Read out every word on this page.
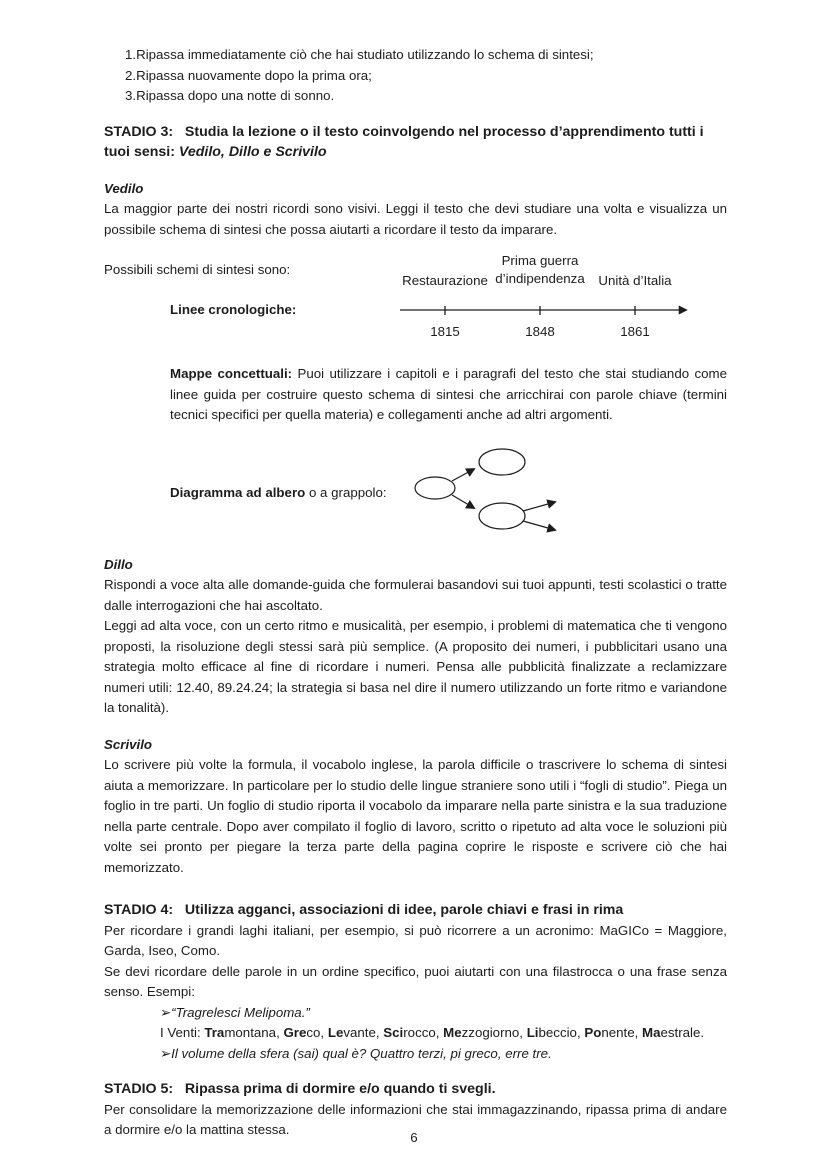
1.Ripassa immediatamente ciò che hai studiato utilizzando lo schema di sintesi;
2.Ripassa nuovamente dopo la prima ora;
3.Ripassa dopo una notte di sonno.
STADIO 3:   Studia la lezione o il testo coinvolgendo nel processo d’apprendimento tutti i tuoi sensi: Vedilo, Dillo e Scrivilo
Vedilo
La maggior parte dei nostri ricordi sono visivi. Leggi il testo che devi studiare una volta e visualizza un possibile schema di sintesi che possa aiutarti a ricordare il testo da imparare.
Possibili schemi di sintesi sono:
Linee cronologiche:
Restaurazione
Prima guerra d’indipendenza	Unità d’Italia
1815	1848	1861
Mappe concettuali: Puoi utilizzare i capitoli e i paragrafi del testo che stai studiando come linee guida per costruire questo schema di sintesi che arricchirai con parole chiave (termini tecnici specifici per quella materia) e collegamenti anche ad altri argomenti.
Diagramma ad albero o a grappolo:
Dillo
Rispondi a voce alta alle domande-guida che formulerai basandovi sui tuoi appunti, testi scolastici o tratte dalle interrogazioni che hai ascoltato.
Leggi ad alta voce, con un certo ritmo e musicalità, per esempio, i problemi di matematica che ti vengono proposti, la risoluzione degli stessi sarà più semplice. (A proposito dei numeri, i pubblicitari usano una strategia molto efficace al fine di ricordare i numeri. Pensa alle pubblicità finalizzate a reclamizzare numeri utili: 12.40, 89.24.24; la strategia si basa nel dire il numero utilizzando un forte ritmo e variandone la tonalità).
Scrivilo
Lo scrivere più volte la formula, il vocabolo inglese, la parola difficile o trascrivere lo schema di sintesi aiuta a memorizzare. In particolare per lo studio delle lingue straniere sono utili i “fogli di studio”. Piega un foglio in tre parti. Un foglio di studio riporta il vocabolo da imparare nella parte sinistra e la sua traduzione nella parte centrale. Dopo aver compilato il foglio di lavoro, scritto o ripetuto ad alta voce le soluzioni più volte sei pronto per piegare la terza parte della pagina coprire le risposte e scrivere ciò che hai memorizzato.
STADIO 4:   Utilizza agganci, associazioni di idee, parole chiavi e frasi in rima
Per ricordare i grandi laghi italiani, per esempio, si può ricorrere a un acronimo: MaGICo = Maggiore, Garda, Iseo, Como.
Se devi ricordare delle parole in un ordine specifico, puoi aiutarti con una filastrocca o una frase senza senso. Esempi:
➢“Tragrelesci Melipoma.”
I Venti: Tramontana, Greco, Levante, Scirocco, Mezzogiorno, Libeccio, Ponente, Maestrale.
➢Il volume della sfera (sai) qual è? Quattro terzi, pi greco, erre tre.
STADIO 5:   Ripassa prima di dormire e/o quando ti svegli.
Per consolidare la memorizzazione delle informazioni che stai immagazzinando, ripassa prima di andare a dormire e/o la mattina stessa.
6
